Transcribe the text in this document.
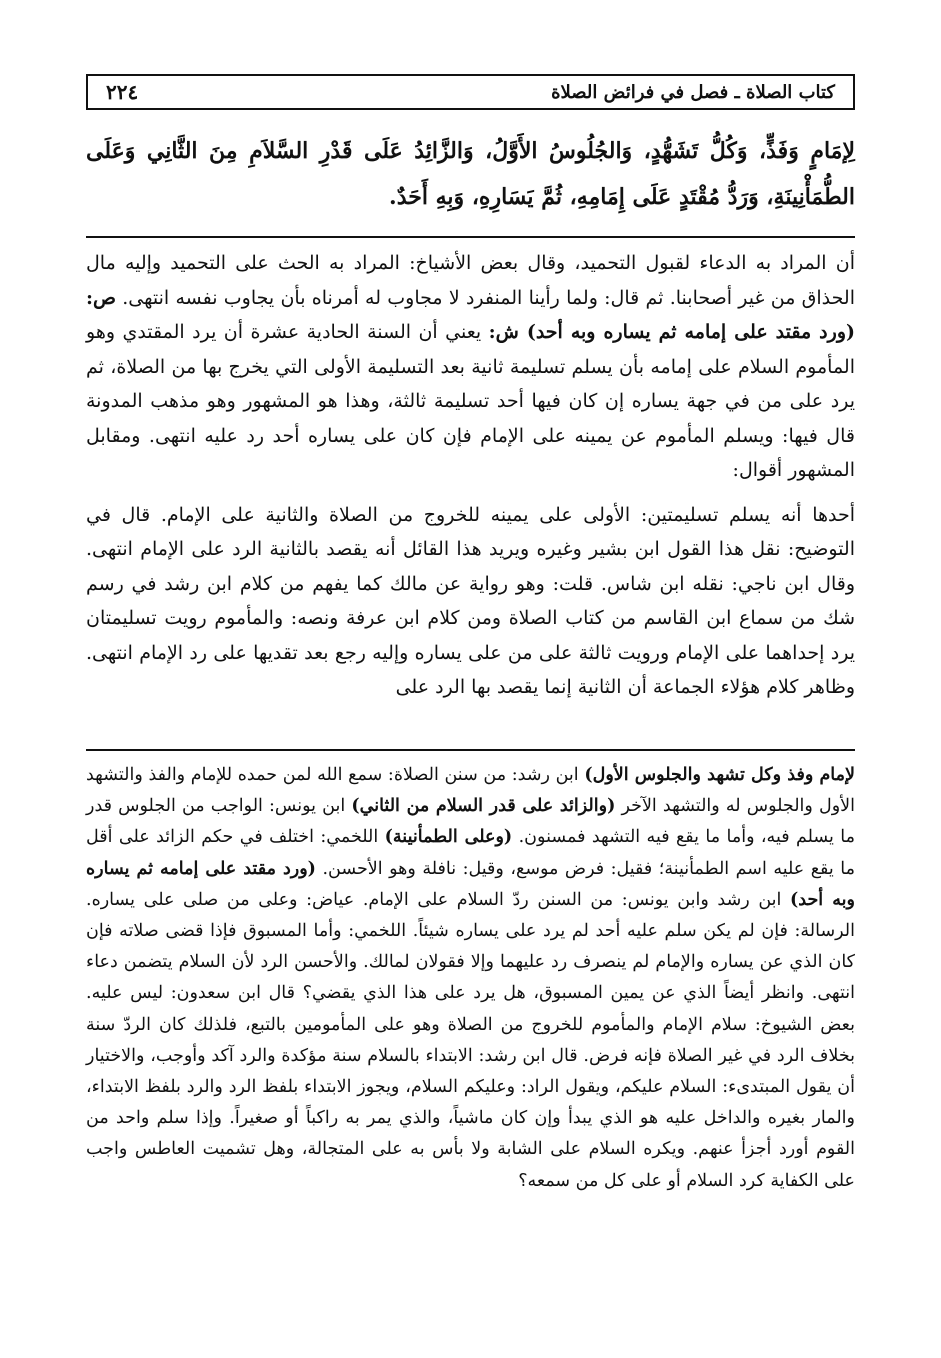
كتاب الصلاة ـ فصل في فرائض الصلاة
٢٢٤

لِإمَامٍ وَفَذٍّ، وَكُلُّ تَشَهُّدٍ، وَالجُلُوسُ الأَوَّلُ، وَالزَّائِدُ عَلَى قَدْرِ السَّلاَمِ مِنَ الثَّانِي وَعَلَى الطُّمَأْنِينَةِ، وَرَدُّ مُقْتَدٍ عَلَى إِمَامِهِ، ثُمَّ يَسَارِهِ، وَبِهِ أَحَدٌ.

أن المراد به الدعاء لقبول التحميد، وقال بعض الأشياخ: المراد به الحث على التحميد وإليه مال الحذاق من غير أصحابنا. ثم قال: ولما رأينا المنفرد لا مجاوب له أمرناه بأن يجاوب نفسه انتهى. ص: (ورد مقتد على إمامه ثم يساره وبه أحد) ش: يعني أن السنة الحادية عشرة أن يرد المقتدي وهو المأموم السلام على إمامه بأن يسلم تسليمة ثانية بعد التسليمة الأولى التي يخرج بها من الصلاة، ثم يرد على من في جهة يساره إن كان فيها أحد تسليمة ثالثة، وهذا هو المشهور وهو مذهب المدونة قال فيها: ويسلم المأموم عن يمينه على الإمام فإن كان على يساره أحد رد عليه انتهى. ومقابل المشهور أقوال:

أحدها أنه يسلم تسليمتين: الأولى على يمينه للخروج من الصلاة والثانية على الإمام. قال في التوضيح: نقل هذا القول ابن بشير وغيره ويريد هذا القائل أنه يقصد بالثانية الرد على الإمام انتهى. وقال ابن ناجي: نقله ابن شاس. قلت: وهو رواية عن مالك كما يفهم من كلام ابن رشد في رسم شك من سماع ابن القاسم من كتاب الصلاة ومن كلام ابن عرفة ونصه: والمأموم رويت تسليمتان يرد إحداهما على الإمام ورويت ثالثة على من على يساره وإليه رجع بعد تقديها على رد الإمام انتهى. وظاهر كلام هؤلاء الجماعة أن الثانية إنما يقصد بها الرد على

لإمام وفذ وكل تشهد والجلوس الأول) ابن رشد: من سنن الصلاة: سمع الله لمن حمده للإمام والفذ والتشهد الأول والجلوس له والتشهد الآخر (والزائد على قدر السلام من الثاني) ابن يونس: الواجب من الجلوس قدر ما يسلم فيه، وأما ما يقع فيه التشهد فمسنون. (وعلى الطمأنينة) اللخمي: اختلف في حكم الزائد على أقل ما يقع عليه اسم الطمأنينة؛ فقيل: فرض موسع، وقيل: نافلة وهو الأحسن. (ورد مقتد على إمامه ثم يساره وبه أحد) ابن رشد وابن يونس: من السنن ردّ السلام على الإمام. عياض: وعلى من صلى على يساره. الرسالة: فإن لم يكن سلم عليه أحد لم يرد على يساره شيئاً. اللخمي: وأما المسبوق فإذا قضى صلاته فإن كان الذي عن يساره والإمام لم ينصرف رد عليهما وإلا فقولان لمالك. والأحسن الرد لأن السلام يتضمن دعاء انتهى. وانظر أيضاً الذي عن يمين المسبوق، هل يرد على هذا الذي يقضي؟ قال ابن سعدون: ليس عليه. بعض الشيوخ: سلام الإمام والمأموم للخروج من الصلاة وهو على المأمومين بالتبع، فلذلك كان الردّ سنة بخلاف الرد في غير الصلاة فإنه فرض. قال ابن رشد: الابتداء بالسلام سنة مؤكدة والرد آكد وأوجب، والاختيار أن يقول المبتدىء: السلام عليكم، ويقول الراد: وعليكم السلام، ويجوز الابتداء بلفظ الرد والرد بلفظ الابتداء، والمار بغيره والداخل عليه هو الذي يبدأ وإن كان ماشياً، والذي يمر به راكباً أو صغيراً. وإذا سلم واحد من القوم أورد أجزأ عنهم. ويكره السلام على الشابة ولا بأس به على المتجالة، وهل تشميت العاطس واجب على الكفاية كرد السلام أو على كل من سمعه؟
